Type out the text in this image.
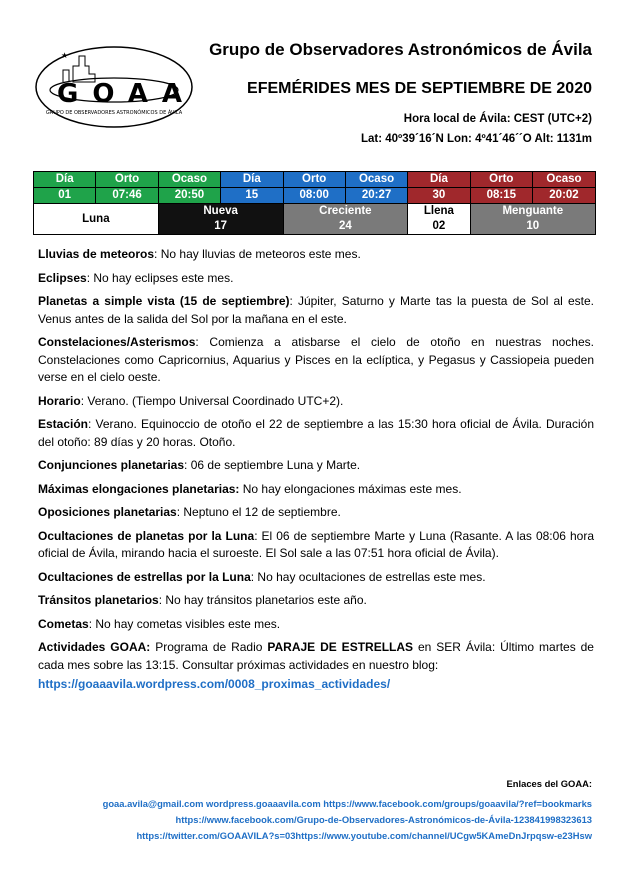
★
GOAA
GRUPO DE OBSERVADORES ASTRONÓMICOS DE ÁVILA
Grupo de Observadores Astronómicos de Ávila
EFEMÉRIDES MES DE SEPTIEMBRE DE 2020
Hora local de Ávila: CEST (UTC+2)
Lat: 40º39´16´N Lon: 4º41´46´´O Alt: 1131m
Día	Orto	Ocaso	Día	Orto	Ocaso	Día	Orto	Ocaso
01	07:46	20:50	15	08:00	20:27	30	08:15	20:02
Luna		Nueva		Creciente		Llena	Menguante	
		17		24		02	10	

Lluvias de meteoros: No hay lluvias de meteoros este mes.

Eclipses: No hay eclipses este mes.

Planetas a simple vista (15 de septiembre): Júpiter, Saturno y Marte tas la puesta de Sol al este. Venus antes de la salida del Sol por la mañana en el este.

Constelaciones/Asterismos: Comienza a atisbarse el cielo de otoño en nuestras noches. Constelaciones como Capricornius, Aquarius y Pisces en la eclíptica, y Pegasus y Cassiopeia pueden verse en el cielo oeste.

Horario: Verano. (Tiempo Universal Coordinado UTC+2).

Estación: Verano. Equinoccio de otoño el 22 de septiembre a las 15:30 hora oficial de Ávila. Duración del otoño: 89 días y 20 horas. Otoño.

Conjunciones planetarias: 06 de septiembre Luna y Marte.

Máximas elongaciones planetarias: No hay elongaciones máximas este mes.

Oposiciones planetarias: Neptuno el 12 de septiembre.

Ocultaciones de planetas por la Luna: El 06 de septiembre Marte y Luna (Rasante. A las 08:06 hora oficial de Ávila, mirando hacia el suroeste. El Sol sale a las 07:51 hora oficial de Ávila).

Ocultaciones de estrellas por la Luna: No hay ocultaciones de estrellas este mes.

Tránsitos planetarios: No hay tránsitos planetarios este año.

Cometas: No hay cometas visibles este mes.

Actividades GOAA: Programa de Radio PARAJE DE ESTRELLAS en SER Ávila: Último martes de cada mes sobre las 13:15. Consultar próximas actividades en nuestro blog:

https://goaaavila.wordpress.com/0008_proximas_actividades/

Enlaces del GOAA:
goaa.avila@gmail.com wordpress.goaaavila.com https://www.facebook.com/groups/goaavila/?ref=bookmarks
https://www.facebook.com/Grupo-de-Observadores-Astronómicos-de-Ávila-123841998323613
https://twitter.com/GOAAVILA?s=03https://www.youtube.com/channel/UCgw5KAmeDnJrpqsw-e23Hsw
